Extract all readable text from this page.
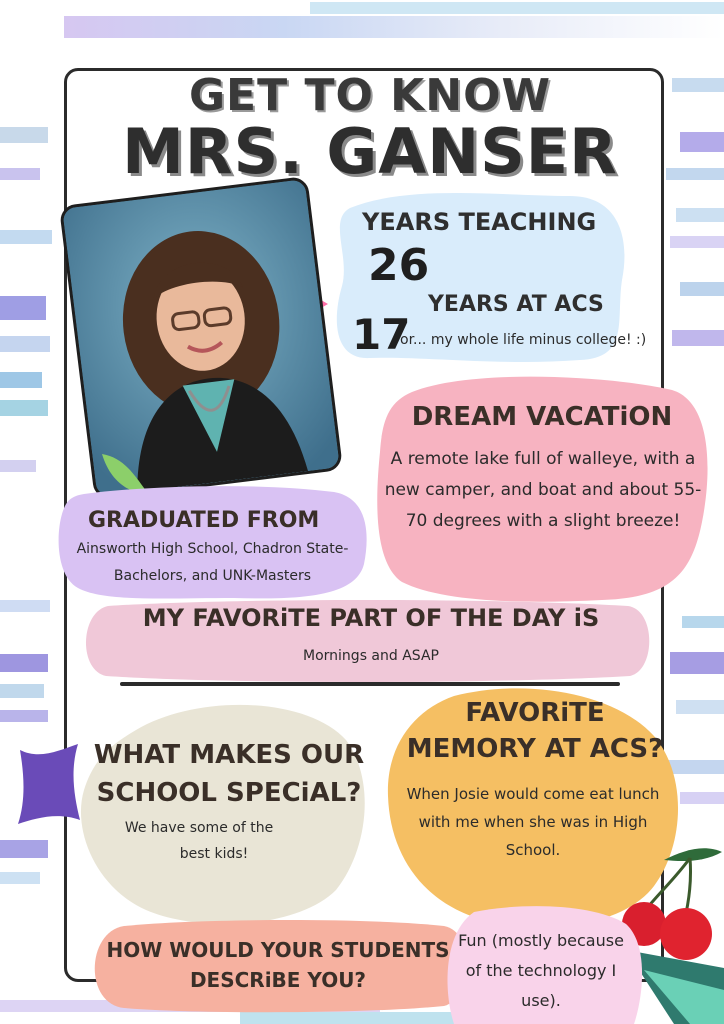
GET TO KNOW
MRS. GANSER
YEARS TEACHING
26
YEARS AT ACS
17
or... my whole life minus college! :)
DREAM VACATiON
A remote lake full of walleye, with a new camper, and boat and about 55-70 degrees with a slight breeze!
GRADUATED FROM
Ainsworth High School, Chadron State-
Bachelors, and UNK-Masters
MY FAVORiTE PART OF THE DAY iS
Mornings and ASAP
WHAT MAKES OUR
SCHOOL SPECiAL?
We have some of the
best kids!
FAVORiTE
MEMORY AT ACS?
When Josie would come eat lunch with me when she was in High School.
HOW WOULD YOUR STUDENTS
DESCRiBE YOU?
Fun (mostly because of the technology I use).
